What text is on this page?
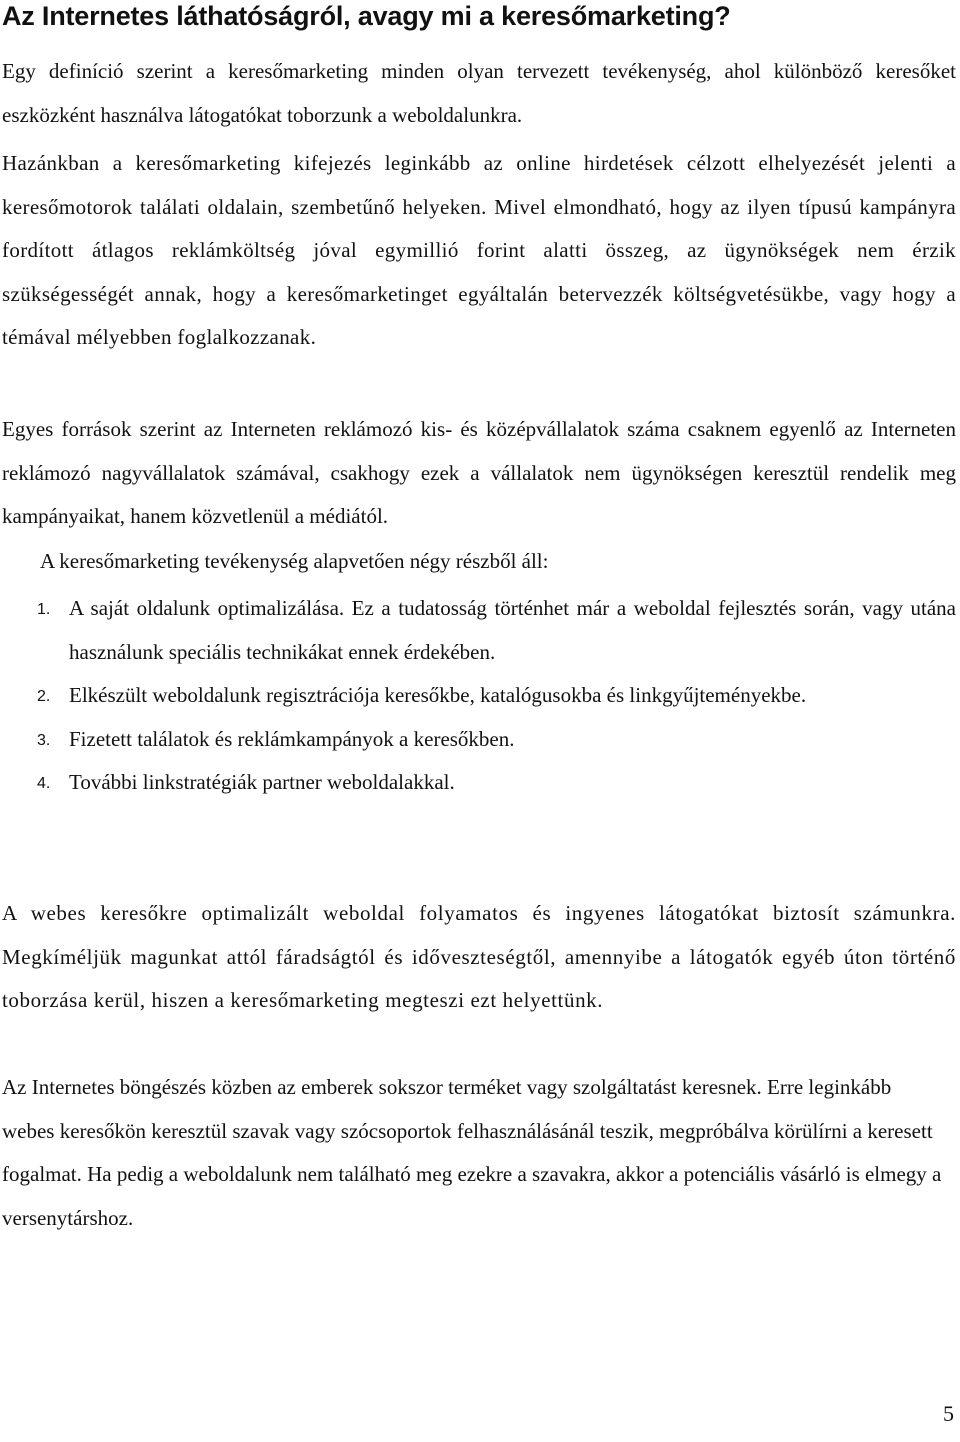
Az Internetes láthatóságról, avagy mi a keresőmarketing?

Egy definíció szerint a keresőmarketing minden olyan tervezett tevékenység, ahol különböző keresőket eszközként használva látogatókat toborzunk a weboldalunkra.

Hazánkban a keresőmarketing kifejezés leginkább az online hirdetések célzott elhelyezését jelenti a keresőmotorok találati oldalain, szembetűnő helyeken. Mivel elmondható, hogy az ilyen típusú kampányra fordított átlagos reklámköltség jóval egymillió forint alatti összeg, az ügynökségek nem érzik szükségességét annak, hogy a keresőmarketinget egyáltalán betervezzék költségvetésükbe, vagy hogy a témával mélyebben foglalkozzanak.

Egyes források szerint az Interneten reklámozó kis- és középvállalatok száma csaknem egyenlő az Interneten reklámozó nagyvállalatok számával, csakhogy ezek a vállalatok nem ügynökségen keresztül rendelik meg kampányaikat, hanem közvetlenül a médiától.

A keresőmarketing tevékenység alapvetően négy részből áll:

1. A saját oldalunk optimalizálása. Ez a tudatosság történhet már a weboldal fejlesztés során, vagy utána használunk speciális technikákat ennek érdekében.
2. Elkészült weboldalunk regisztrációja keresőkbe, katalógusokba és linkgyűjteményekbe.
3. Fizetett találatok és reklámkampányok a keresőkben.
4. További linkstratégiák partner weboldalakkal.

A webes keresőkre optimalizált weboldal folyamatos és ingyenes látogatókat biztosít számunkra. Megkíméljük magunkat attól fáradságtól és időveszteségtől, amennyibe a látogatók egyéb úton történő toborzása kerül, hiszen a keresőmarketing megteszi ezt helyettünk.

Az Internetes böngészés közben az emberek sokszor terméket vagy szolgáltatást keresnek. Erre leginkább webes keresőkön keresztül szavak vagy szócsoportok felhasználásánál teszik, megpróbálva körülírni a keresett fogalmat. Ha pedig a weboldalunk nem található meg ezekre a szavakra, akkor a potenciális vásárló is elmegy a versenytárshoz.

5
